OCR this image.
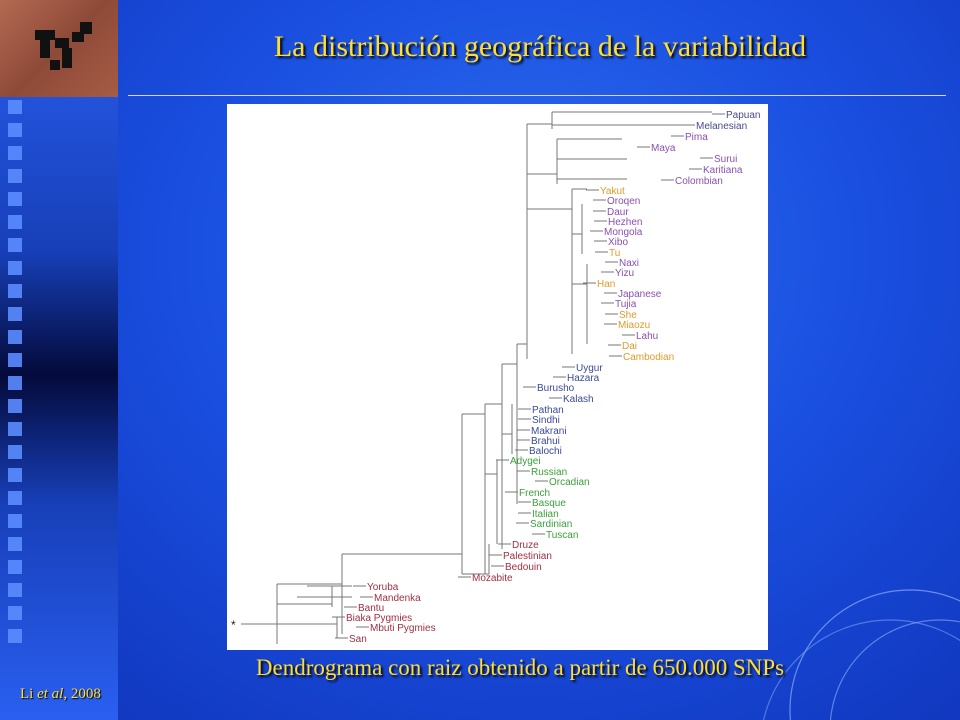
La distribución geográfica de la variabilidad
Papuan
Melanesian
Pima
Maya
Surui
Karitiana
Colombian
Yakut
Oroqen
Daur
Hezhen
Mongola
Xibo
Tu
Naxi
Yizu
Han
Japanese
Tujia
She
Miaozu
Lahu
Dai
Cambodian
Uygur
Hazara
Burusho
Kalash
Pathan
Sindhi
Makrani
Brahui
Balochi
Adygei
Russian
Orcadian
French
Basque
Italian
Sardinian
Tuscan
Druze
Palestinian
Bedouin
Mozabite
Yoruba
Mandenka
Bantu
Biaka Pygmies
Mbuti Pygmies
San
*
Dendrograma con raiz obtenido a partir de 650.000 SNPs
Li et al, 2008
